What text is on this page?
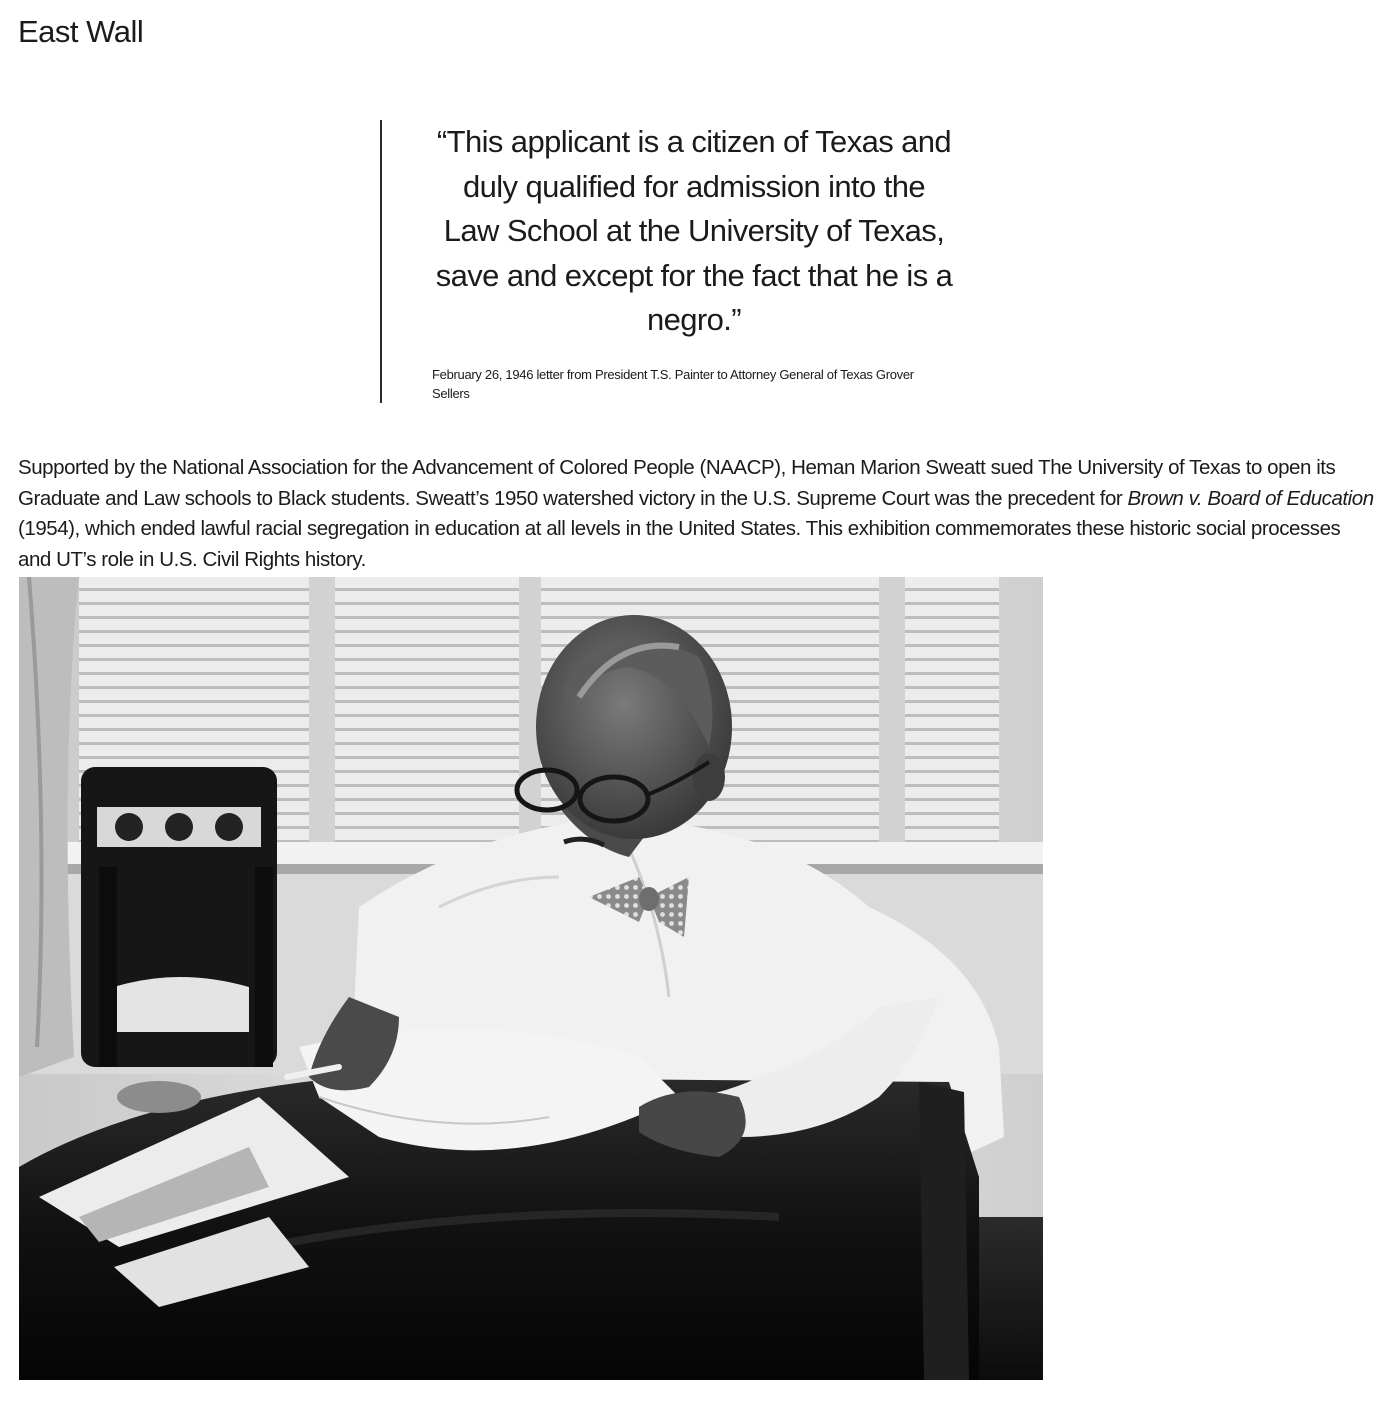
East Wall

“This applicant is a citizen of Texas and duly qualified for admission into the Law School at the University of Texas, save and except for the fact that he is a negro.”

February 26, 1946 letter from President T.S. Painter to Attorney General of Texas Grover Sellers

Supported by the National Association for the Advancement of Colored People (NAACP), Heman Marion Sweatt sued The University of Texas to open its Graduate and Law schools to Black students. Sweatt’s 1950 watershed victory in the U.S. Supreme Court was the precedent for Brown v. Board of Education (1954), which ended lawful racial segregation in education at all levels in the United States. This exhibition commemorates these historic social processes and UT’s role in U.S. Civil Rights history.
